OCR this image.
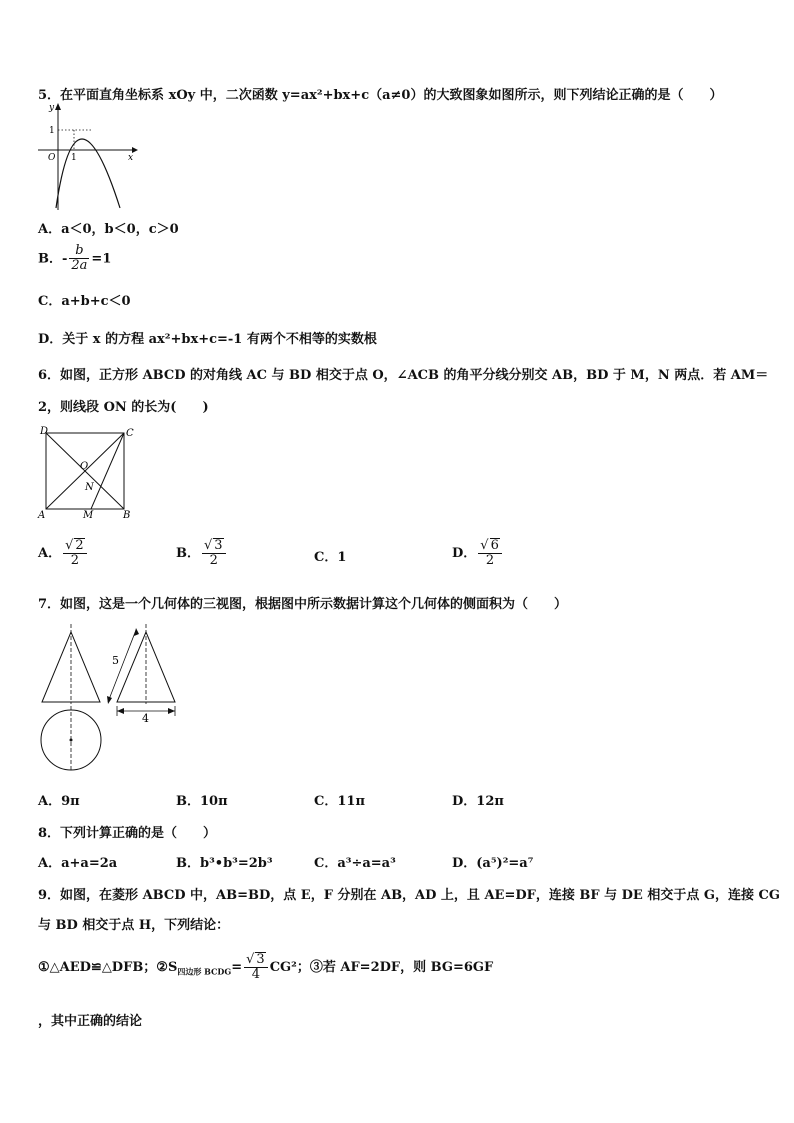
5．在平面直角坐标系 xOy 中，二次函数 y=ax²+bx+c（a≠0）的大致图象如图所示，则下列结论正确的是（　　）
y
x
O 1
1
A．a＜0，b＜0，c＞0
B．- $\frac{b}{2a} =1$
C．a+b+c＜0
D．关于 x 的方程 ax²+bx+c=-1 有两个不相等的实数根
6．如图，正方形 ABCD 的对角线 AC 与 BD 相交于点 O，∠ACB 的角平分线分别交 AB，BD 于 M，N 两点．若 AM＝
2，则线段 ON 的长为(　　)
D	C
O
N
A	M	B
A． $\frac{√ 2}{2}$	B． $\frac{√ 3}{2}$	C．1	D． $\frac{√ 6}{2}$
7．如图，这是一个几何体的三视图，根据图中所示数据计算这个几何体的侧面积为（　　）
5
4
A．9π	B．10π	C．11π	D．12π
8．下列计算正确的是（　　）
A．a+a=2a	B．b³•b³=2b³	C．a³÷a=a³	D．(a⁵)²=a⁷
9．如图，在菱形 ABCD 中，AB=BD，点 E，F 分别在 AB，AD 上，且 AE=DF，连接 BF 与 DE 相交于点 G，连接 CG
与 BD 相交于点 H，下列结论：
①△AED≌△DFB；$②S_{四边形 BCDG}= \frac{√ 3}{4} CG^2$；③若 AF=2DF，则 BG=6GF
，其中正确的结论
